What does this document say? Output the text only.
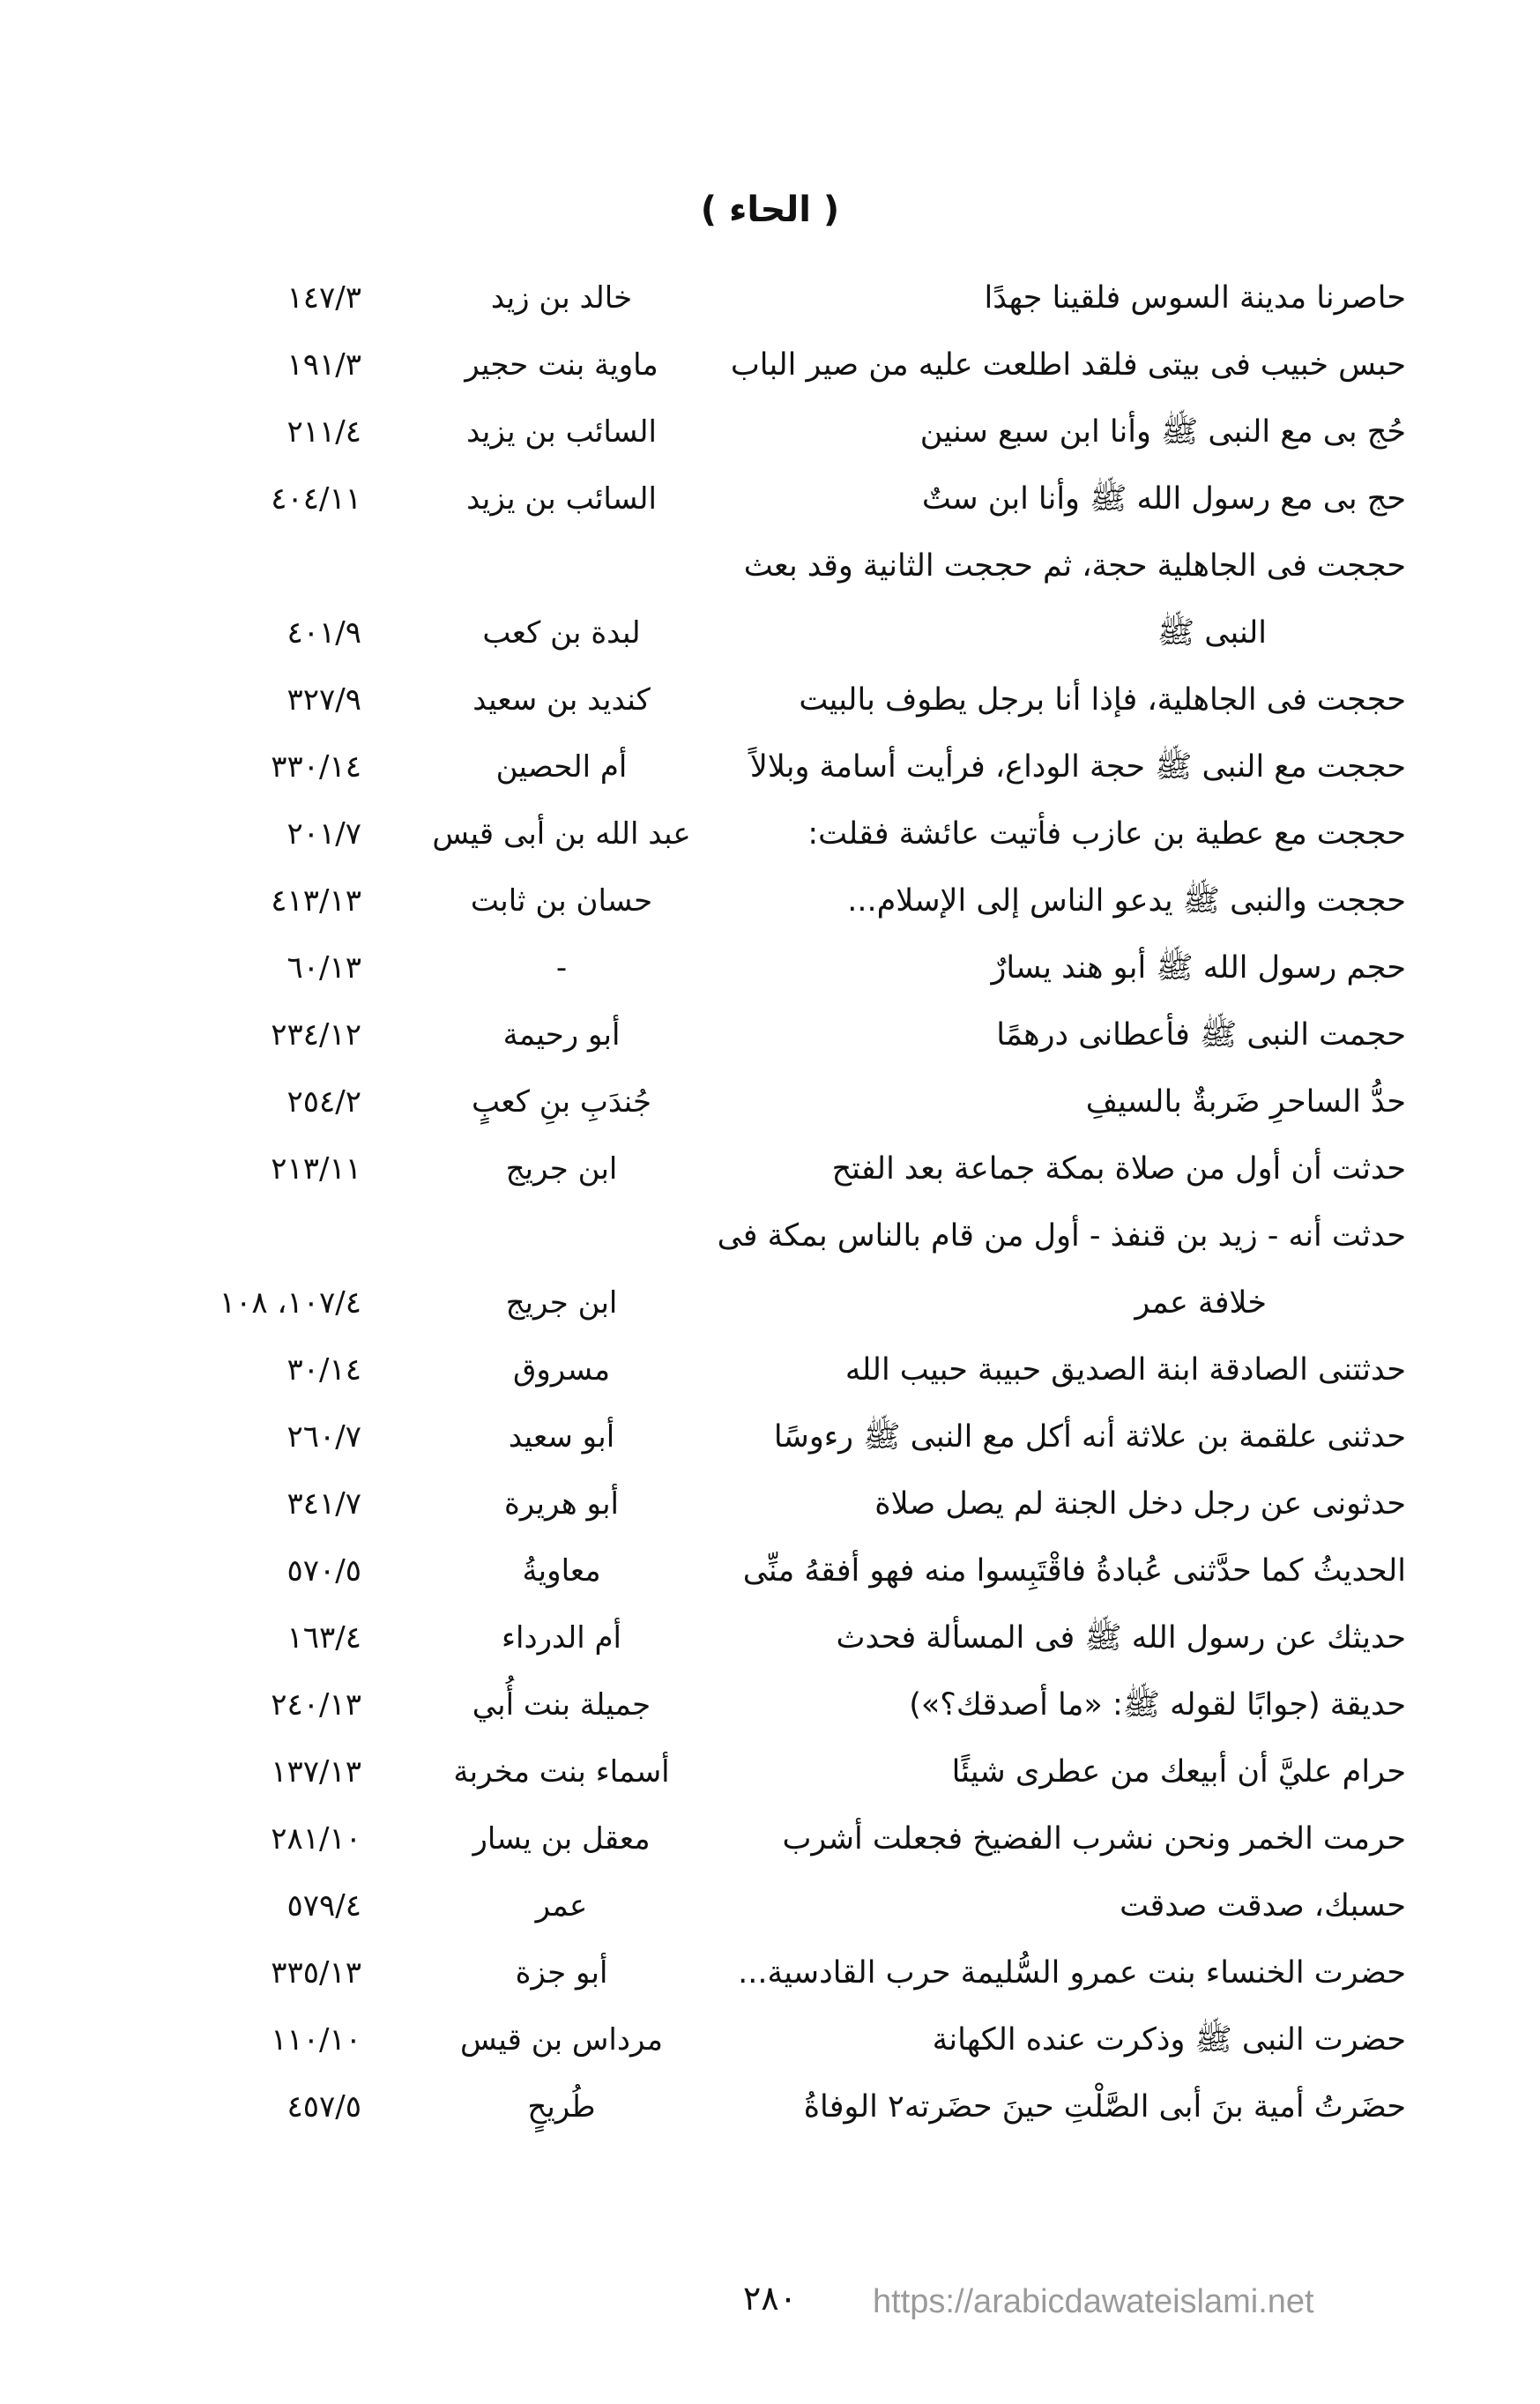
( الحاء )
حاصرنا مدينة السوس فلقينا جهدًا
خالد بن زيد
١٤٧/٣
حبس خبيب فى بيتى فلقد اطلعت عليه من صير الباب
ماوية بنت حجير
١٩١/٣
حُج بى مع النبى ﷺ وأنا ابن سبع سنين
السائب بن يزيد
٢١١/٤
حج بى مع رسول الله ﷺ وأنا ابن ستٌ
السائب بن يزيد
٤٠٤/١١
حججت فى الجاهلية حجة، ثم حججت الثانية وقد بعث
النبى ﷺ
لبدة بن كعب
٤٠١/٩
حججت فى الجاهلية، فإذا أنا برجل يطوف بالبيت
كنديد بن سعيد
٣٢٧/٩
حججت مع النبى ﷺ حجة الوداع، فرأيت أسامة وبلالاً
أم الحصين
٣٣٠/١٤
حججت مع عطية بن عازب فأتيت عائشة فقلت:
عبد الله بن أبى قيس
٢٠١/٧
حججت والنبى ﷺ يدعو الناس إلى الإسلام...
حسان بن ثابت
٤١٣/١٣
حجم رسول الله ﷺ أبو هند يسارٌ
-
٦٠/١٣
حجمت النبى ﷺ فأعطانى درهمًا
أبو رحيمة
٢٣٤/١٢
حدُّ الساحرِ ضَربةٌ بالسيفِ
جُندَبِ بنِ كعبٍ
٢٥٤/٢
حدثت أن أول من صلاة بمكة جماعة بعد الفتح
ابن جريج
٢١٣/١١
حدثت أنه - زيد بن قنفذ - أول من قام بالناس بمكة فى
خلافة عمر
ابن جريج
١٠٧/٤، ١٠٨
حدثتنى الصادقة ابنة الصديق حبيبة حبيب الله
مسروق
٣٠/١٤
حدثنى علقمة بن علاثة أنه أكل مع النبى ﷺ رءوسًا
أبو سعيد
٢٦٠/٧
حدثونى عن رجل دخل الجنة لم يصل صلاة
أبو هريرة
٣٤١/٧
الحديثُ كما حدَّثنى عُبادةُ فاقْتَبِسوا منه فهو أفقهُ منِّى
معاويةُ
٥٧٠/٥
حديثك عن رسول الله ﷺ فى المسألة فحدث
أم الدرداء
١٦٣/٤
حديقة (جوابًا لقوله ﷺ: «ما أصدقك؟»)
جميلة بنت أُبي
٢٤٠/١٣
حرام عليَّ أن أبيعك من عطرى شيئًا
أسماء بنت مخربة
١٣٧/١٣
حرمت الخمر ونحن نشرب الفضيخ فجعلت أشرب
معقل بن يسار
٢٨١/١٠
حسبك، صدقت صدقت
عمر
٥٧٩/٤
حضرت الخنساء بنت عمرو السُّليمة حرب القادسية...
أبو جزة
٣٣٥/١٣
حضرت النبى ﷺ وذكرت عنده الكهانة
مرداس بن قيس
١١٠/١٠
حضَرتُ أمية بنَ أبى الصَّلْتِ حينَ حضَرته٢ الوفاةُ
طُريحٍ
٤٥٧/٥
٢٨٠	https://arabicdawateislami.net
